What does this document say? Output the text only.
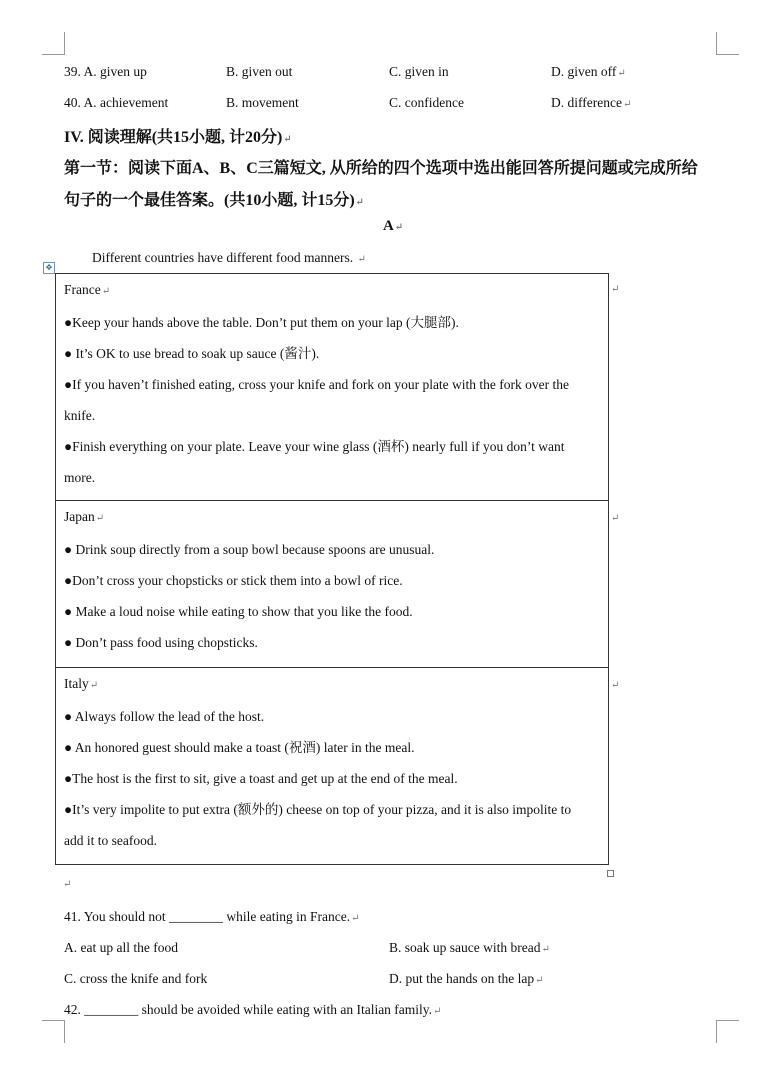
39. A. given up	B. given out	C. given in	D. given off↵
40. A. achievement	B. movement	C. confidence	D. difference↵
IV. 阅读理解(共15小题, 计20分)↵
第一节：阅读下面A、B、C三篇短文, 从所给的四个选项中选出能回答所提问题或完成所给
句子的一个最佳答案。(共10小题, 计15分)↵
A↵
Different countries have different food manners. ↵
✥

France↵

●Keep your hands above the table. Don’t put them on your lap (大腿部).

● It’s OK to use bread to soak up sauce (酱汁).

●If you haven’t finished eating, cross your knife and fork on your plate with the fork over the

knife.

●Finish everything on your plate. Leave your wine glass (酒杯) nearly full if you don’t want

more.

Japan↵

● Drink soup directly from a soup bowl because spoons are unusual.

●Don’t cross your chopsticks or stick them into a bowl of rice.

● Make a loud noise while eating to show that you like the food.

● Don’t pass food using chopsticks.

Italy↵

● Always follow the lead of the host.

● An honored guest should make a toast (祝酒) later in the meal.

●The host is the first to sit, give a toast and get up at the end of the meal.

●It’s very impolite to put extra (额外的) cheese on top of your pizza, and it is also impolite to

add it to seafood.

↵
↵
↵
↵
41. You should not ________ while eating in France.↵
A. eat up all the food	B. soak up sauce with bread↵
C. cross the knife and fork	D. put the hands on the lap↵
42. ________ should be avoided while eating with an Italian family.↵
